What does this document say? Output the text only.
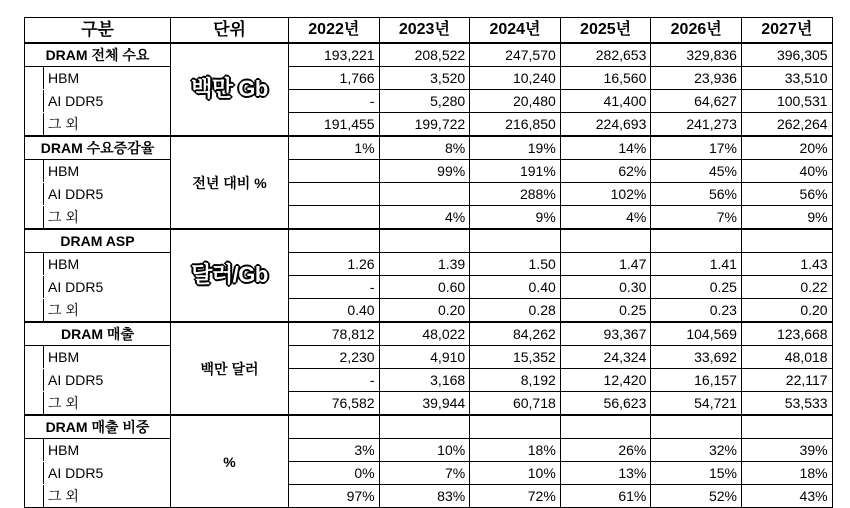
구분	단위	2022년	2023년	2024년	2025년	2026년	2027년
DRAM 전체 수요	백만 Gb	193,221	208,522	247,570	282,653	329,836	396,305

HBM		1,766	3,520	10,240	16,560	23,936	33,510

AI DDR5		-	5,280	20,480	41,400	64,627	100,531

그 외		191,455	199,722	216,850	224,693	241,273	262,264
DRAM 수요증감율	전년 대비 %	1%	8%	19%	14%	17%	20%

HBM			99%	191%	62%	45%	40%

AI DDR5				288%	102%	56%	56%

그 외			4%	9%	4%	7%	9%
DRAM ASP	달러/Gb						

HBM		1.26	1.39	1.50	1.47	1.41	1.43

AI DDR5		-	0.60	0.40	0.30	0.25	0.22

그 외		0.40	0.20	0.28	0.25	0.23	0.20
DRAM 매출	백만 달러	78,812	48,022	84,262	93,367	104,569	123,668

HBM		2,230	4,910	15,352	24,324	33,692	48,018

AI DDR5		-	3,168	8,192	12,420	16,157	22,117

그 외		76,582	39,944	60,718	56,623	54,721	53,533
DRAM 매출 비중	%						

HBM		3%	10%	18%	26%	32%	39%

AI DDR5		0%	7%	10%	13%	15%	18%

그 외		97%	83%	72%	61%	52%	43%
